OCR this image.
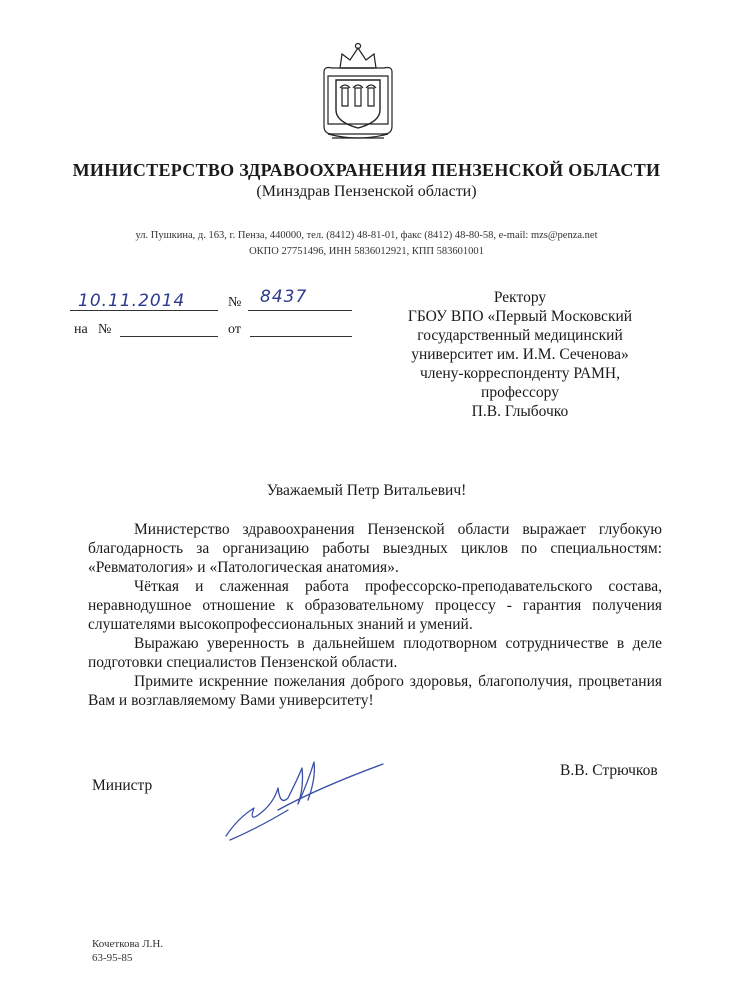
МИНИСТЕРСТВО ЗДРАВООХРАНЕНИЯ ПЕНЗЕНСКОЙ ОБЛАСТИ
(Минздрав Пензенской области)
ул. Пушкина, д. 163, г. Пенза, 440000, тел. (8412) 48-81-01, факс (8412) 48-80-58, e-mail: mzs@penza.net
ОКПО 27751496, ИНН 5836012921, КПП 583601001
10.11.2014	№ 8437
на №	от
Ректору
ГБОУ ВПО «Первый Московский
государственный медицинский
университет им. И.М. Сеченова»
члену-корреспонденту РАМН,
профессору
П.В. Глыбочко
Уважаемый Петр Витальевич!

Министерство здравоохранения Пензенской области выражает глубокую благодарность за организацию работы выездных циклов по специальностям: «Ревматология» и «Патологическая анатомия».

Чёткая и слаженная работа профессорско-преподавательского состава, неравнодушное отношение к образовательному процессу - гарантия получения слушателями высокопрофессиональных знаний и умений.

Выражаю уверенность в дальнейшем плодотворном сотрудничестве в деле подготовки специалистов Пензенской области.

Примите искренние пожелания доброго здоровья, благополучия, процветания Вам и возглавляемому Вами университету!

Министр
В.В. Стрючков
Кочеткова Л.Н.
63-95-85
